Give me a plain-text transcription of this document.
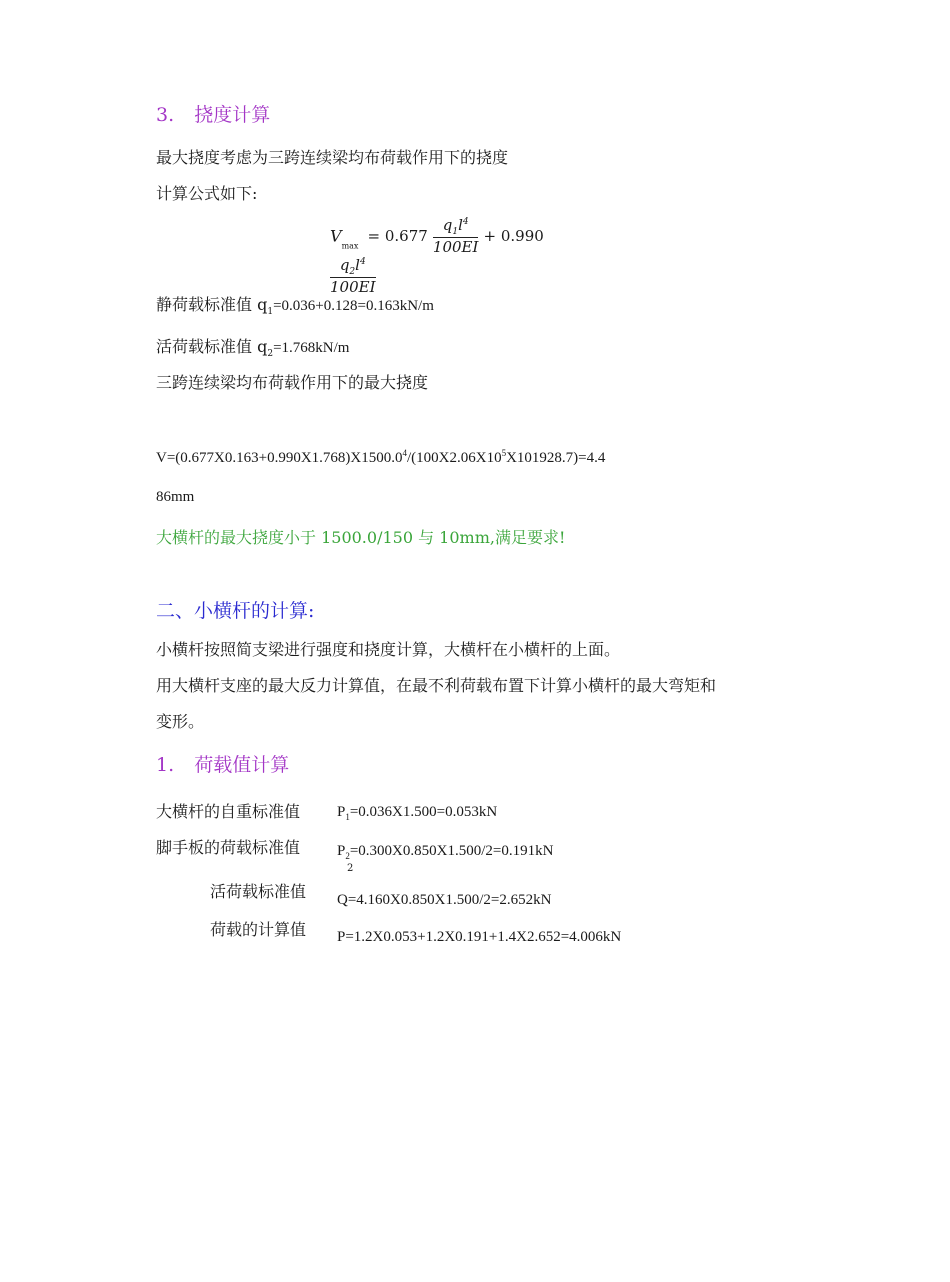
3. 挠度计算
最大挠度考虑为三跨连续梁均布荷载作用下的挠度
计算公式如下:
$V_{max} = 0.677 \frac{q_1l^4}{100EI} + 0.990$
$\frac{q_2l^4}{100EI}$
静荷载标准值 $q_1=0.036+0.128=0.163kN/m$
活荷载标准值 $q_2=1.768kN/m$
三跨连续梁均布荷载作用下的最大挠度
$V=(0.677X0.163+0.990X1.768)X1500.0^4/(100X2.06X10^5X101928.7)=4.4$
86mm
大横杆的最大挠度小于 1500.0/150 与 10mm,满足要求!
二、小横杆的计算:
小横杆按照简支梁进行强度和挠度计算，大横杆在小横杆的上面。
用大横杆支座的最大反力计算值，在最不利荷载布置下计算小横杆的最大弯矩和
变形。
1. 荷载值计算
大横杆的自重标准值	$P_1=0.036X1.500=0.053kN$
脚手板的荷载标准值	$P_2=0.300X0.850X1.500/2=0.191kN$
2
活荷载标准值 Q=4.160X0.850X1.500/2=2.652kN
荷载的计算值 P=1.2X0.053+1.2X0.191+1.4X2.652=4.006kN
